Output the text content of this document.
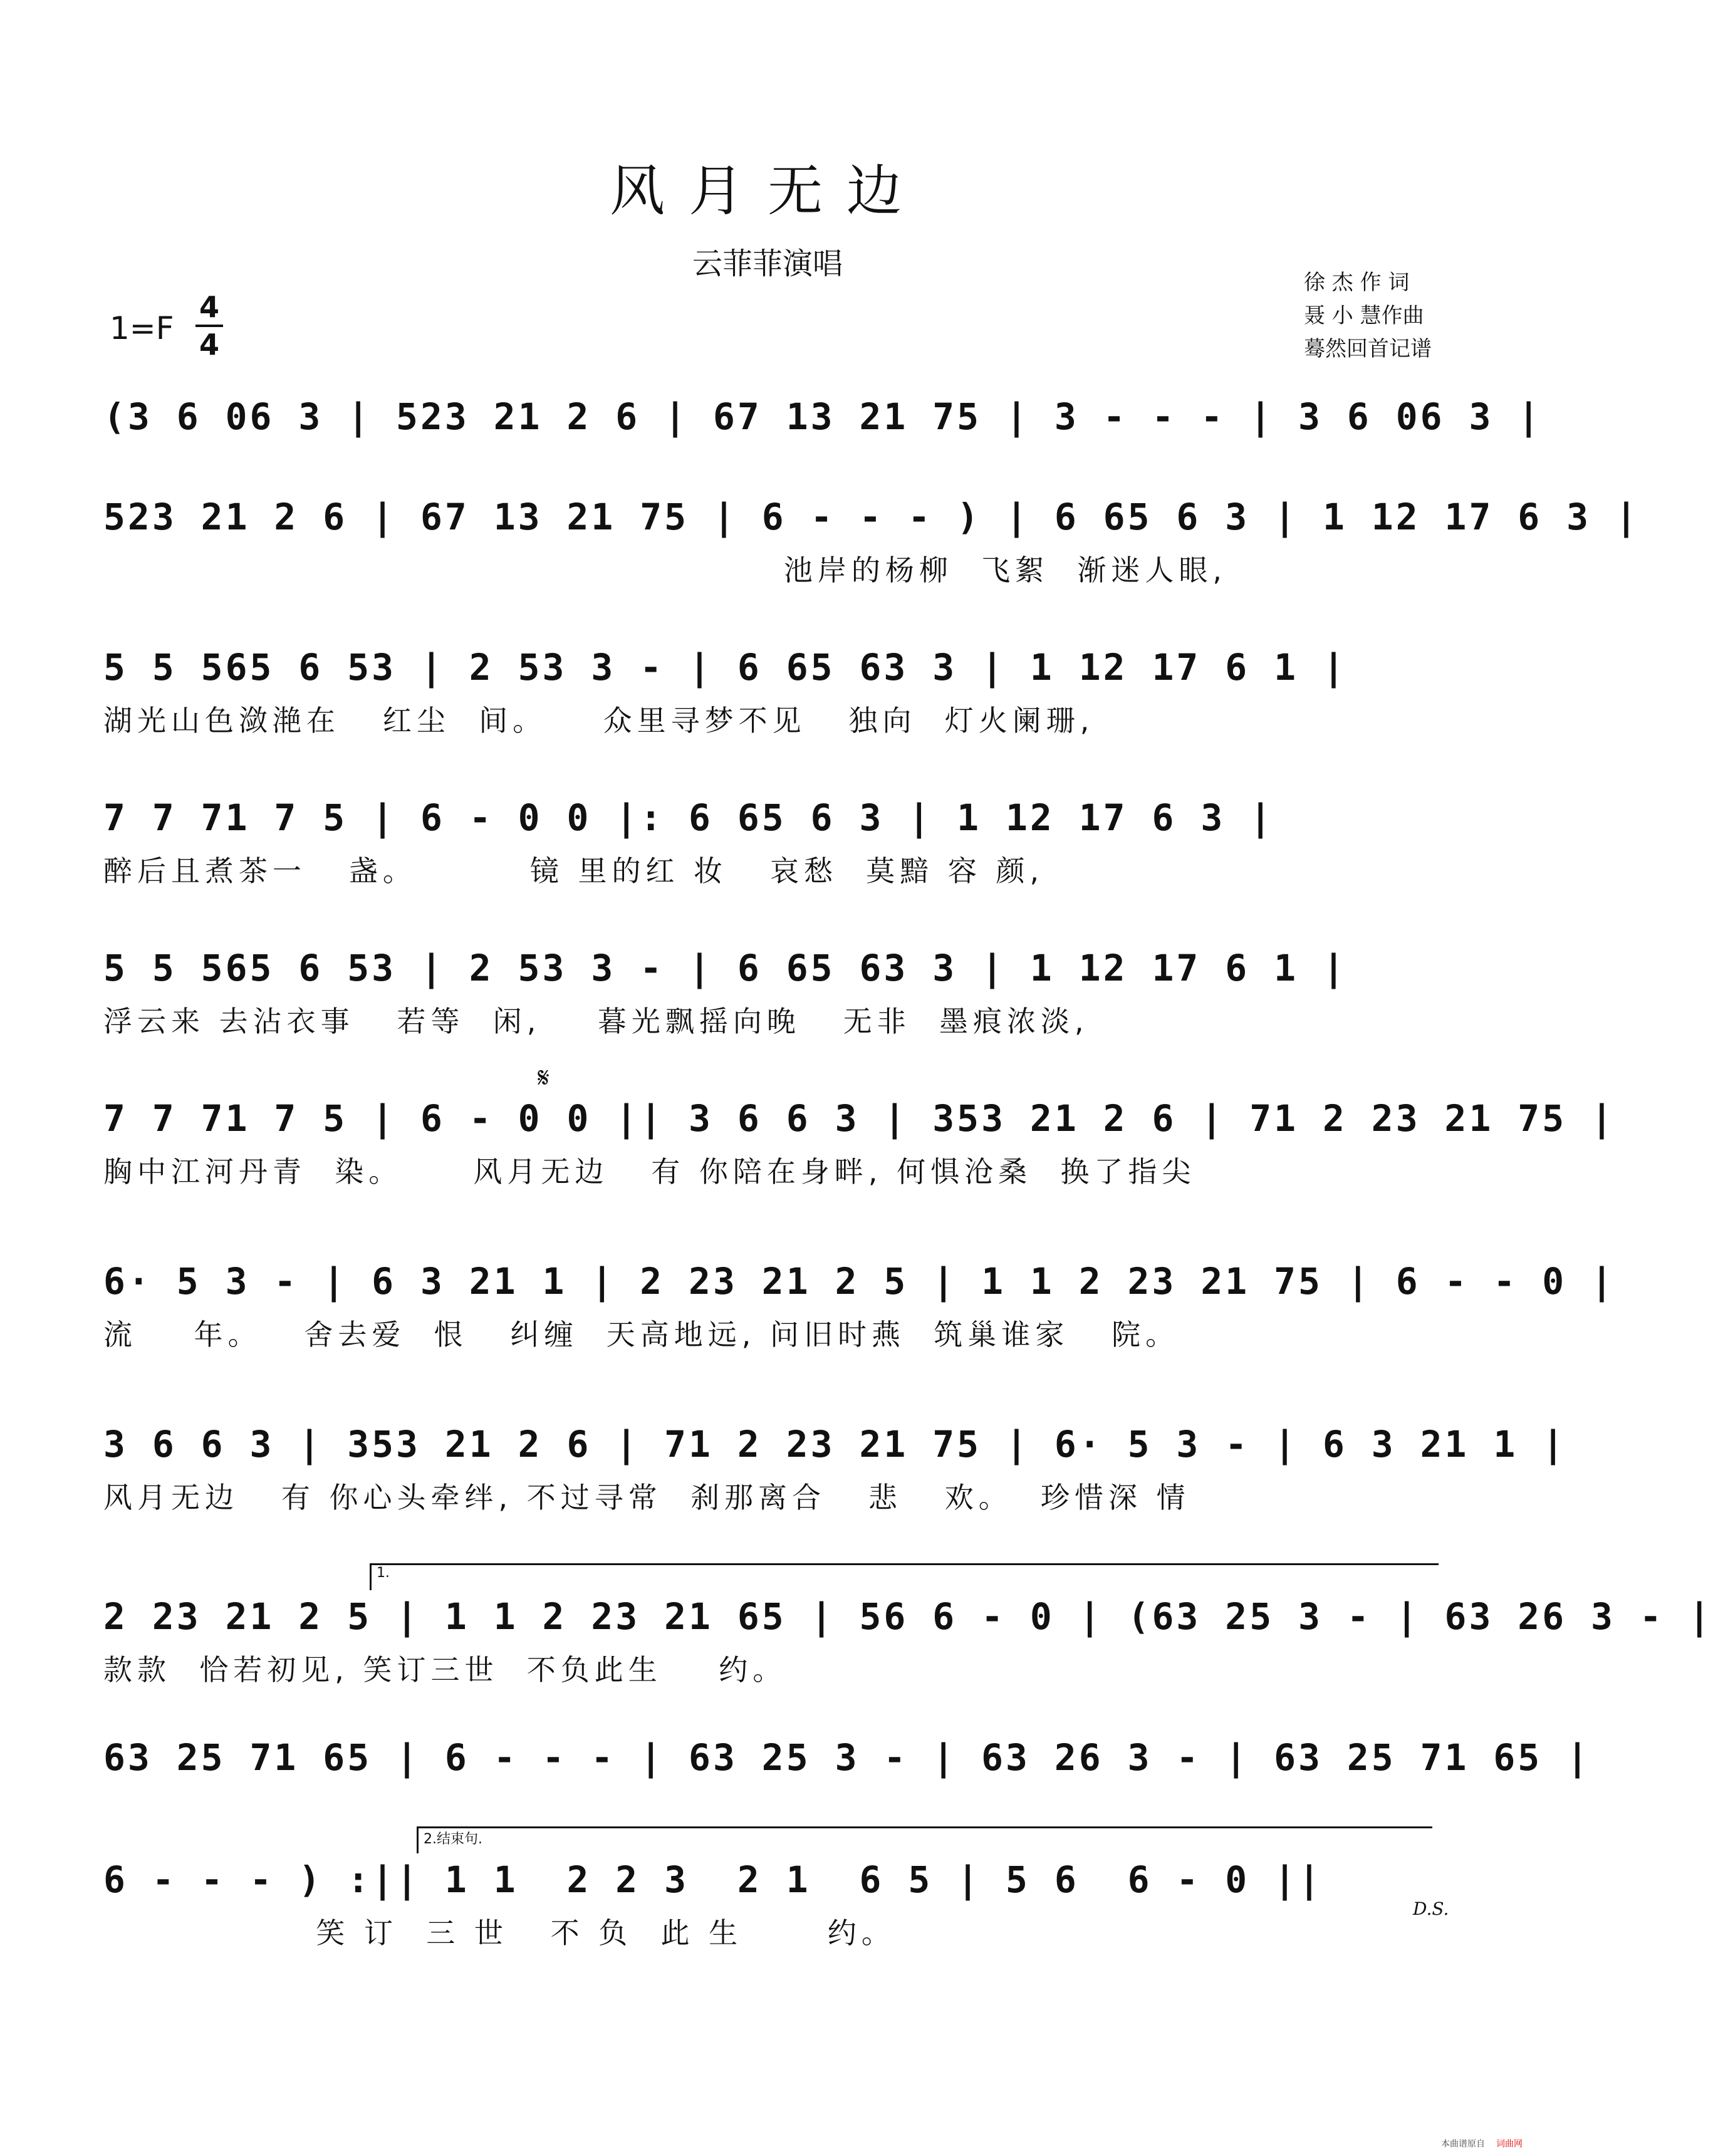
风月无边
云菲菲演唱
徐 杰 作 词
聂 小 慧作曲
蓦然回首记谱
1=F
4
4
(3 6 06 3 | 523 21 2 6 | 67 13 21 75 | 3 - - - | 3 6 06 3 |
523 21 2 6 | 67 13 21 75 | 6 - - - ) | 6 65 6 3 | 1 12 17 6 3 |
池岸的杨柳  飞絮  渐迷人眼,
5 5 565 6 53 | 2 53 3 - | 6 65 63 3 | 1 12 17 6 1 |
湖光山色潋滟在   红尘  间。    众里寻梦不见   独向  灯火阑珊,
7 7 71 7 5 | 6 - 0 0 |: 6 65 6 3 | 1 12 17 6 3 |
醉后且煮茶一   盏。        镜 里的红 妆   哀愁  莫黯 容 颜,
5 5 565 6 53 | 2 53 3 - | 6 65 63 3 | 1 12 17 6 1 |
浮云来 去沾衣事   若等  闲,    暮光飘摇向晚   无非  墨痕浓淡,
𝄋
7 7 71 7 5 | 6 - 0 0 || 3 6 6 3 | 353 21 2 6 | 71 2 23 21 75 |
胸中江河丹青  染。     风月无边   有 你陪在身畔, 何惧沧桑  换了指尖
6· 5 3 - | 6 3 21 1 | 2 23 21 2 5 | 1 1 2 23 21 75 | 6 - - 0 |
流    年。   舍去爱  恨   纠缠  天高地远, 问旧时燕  筑巢谁家   院。
3 6 6 3 | 353 21 2 6 | 71 2 23 21 75 | 6· 5 3 - | 6 3 21 1 |
风月无边   有 你心头牵绊, 不过寻常  刹那离合   悲   欢。  珍惜深 情
1.
2 23 21 2 5 | 1 1 2 23 21 65 | 56 6 - 0 | (63 25 3 - | 63 26 3 - |
款款  恰若初见, 笑订三世  不负此生    约。
63 25 71 65 | 6 - - - | 63 25 3 - | 63 26 3 - | 63 25 71 65 |
2.结束句.
6 - - - ) :|| 1 1  2 2 3  2 1  6 5 | 5 6  6 - 0 ||
笑 订  三 世   不 负  此 生      约。
D.S.
本曲谱原自 词曲网
